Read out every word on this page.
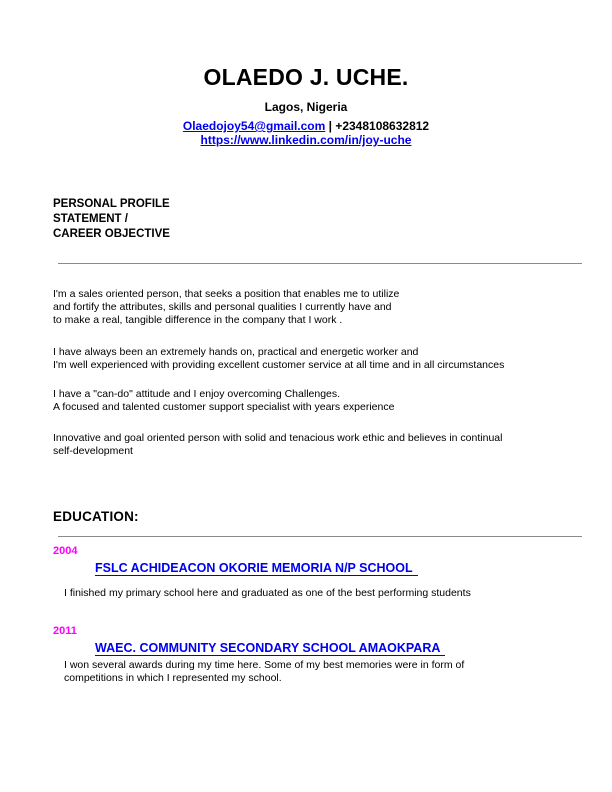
OLAEDO J. UCHE.
Lagos, Nigeria
Olaedojoy54@gmail.com | +2348108632812
https://www.linkedin.com/in/joy-uche
PERSONAL PROFILE
STATEMENT /
CAREER OBJECTIVE
I'm a sales oriented person, that seeks a position that enables me to utilize
and fortify the attributes, skills and personal qualities I currently have and
to make a real, tangible difference in the company that I work .
I have always been an extremely hands on, practical and energetic worker and
I'm well experienced with providing excellent customer service at all time and in all circumstances
I have a "can-do" attitude and I enjoy overcoming Challenges.
A focused and talented customer support specialist with years experience
Innovative and goal oriented person with solid and tenacious work ethic and believes in continual
self-development
EDUCATION:
2004
FSLC ACHIDEACON OKORIE MEMORIA N/P SCHOOL
I finished my primary school here and graduated as one of the best performing students
2011
WAEC. COMMUNITY SECONDARY SCHOOL AMAOKPARA
I won several awards during my time here. Some of my best memories were in form of
competitions in which I represented my school.
